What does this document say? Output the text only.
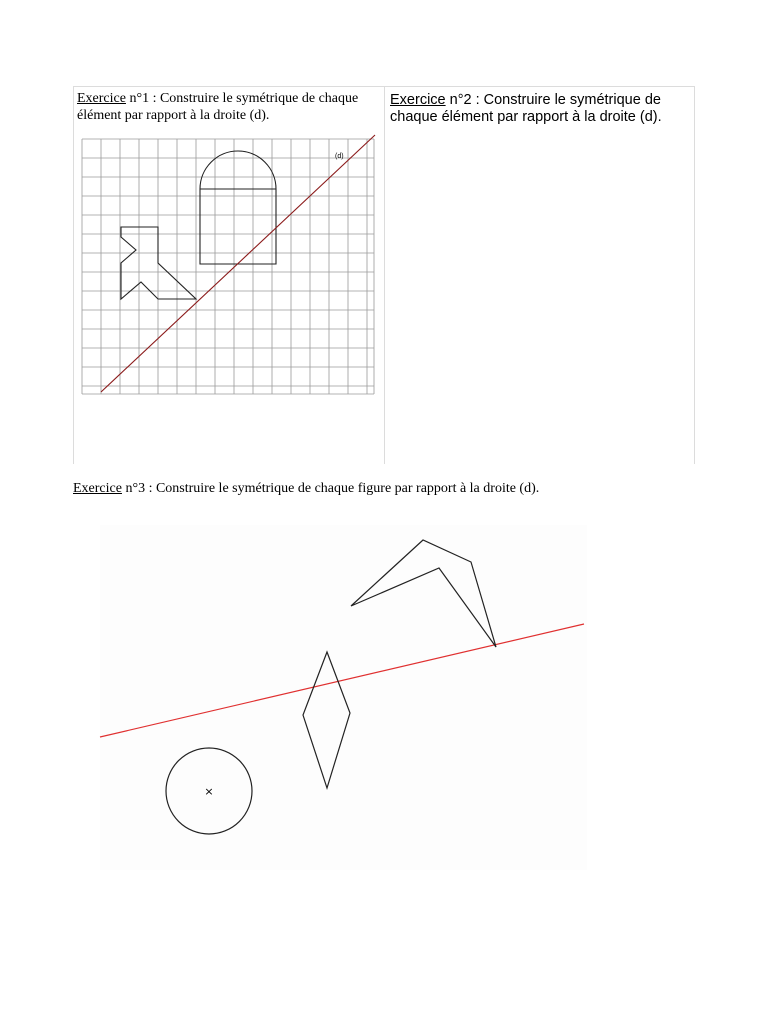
Exercice n°1 : Construire le symétrique de chaque élément par rapport à la droite (d).

Exercice n°2 : Construire le symétrique de chaque élément par rapport à la droite (d).

(d)

Exercice n°3 : Construire le symétrique de chaque figure par rapport à la droite (d).

×
